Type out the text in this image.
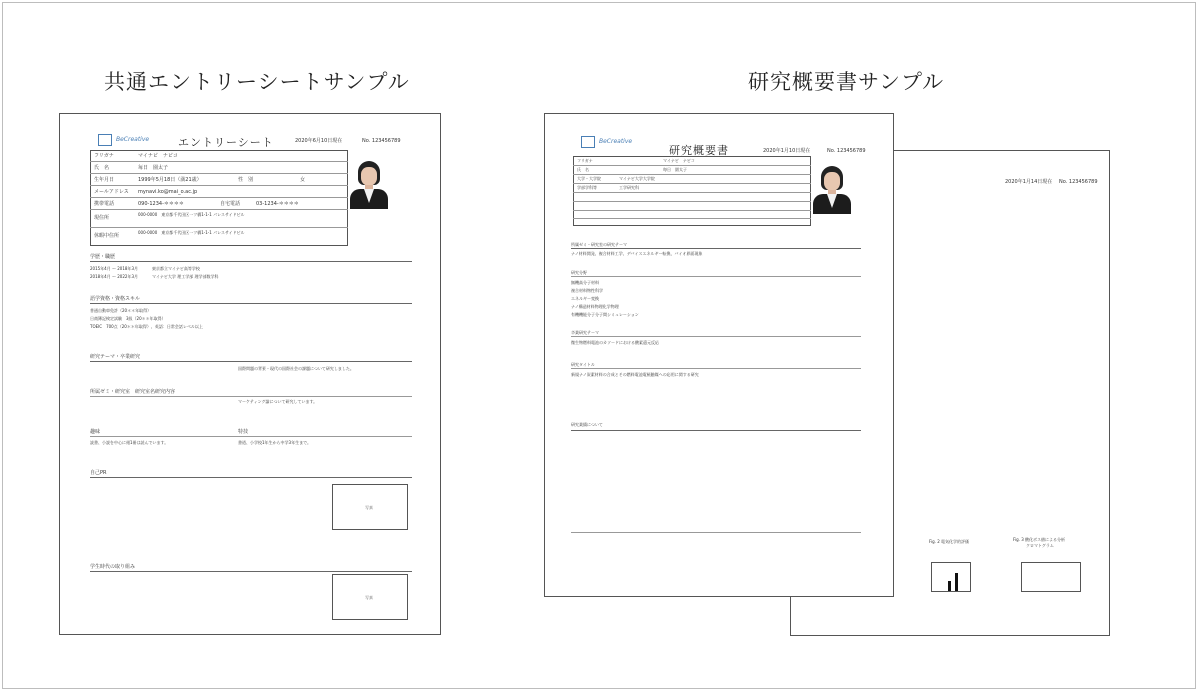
共通エントリーシートサンプル	研究概要書サンプル
BeCreative	エントリーシート	2020年6月10日現在	No. 123456789
フリガナ	マイナビ　ナビコ
氏　名	毎日　園太子
生年月日	1999年5月18日（満21歳）	性　別	女
メールアドレス mynavi.ko@mai_o.ac.jp
携帯電話	090-1234-＊＊＊＊	自宅電話	03-1234-＊＊＊＊
現住所
000-0000　東京都千代田区一ツ橋1-1-1 パレスサイドビル
休暇中住所
000-0000　東京都千代田区一ツ橋1-1-1 パレスサイドビル
学歴・職歴
2015年4月 ～ 2018年3月	東京都立マイナビ高等学校
2018年4月 ～ 2022年3月	マイナビ大学 理工学部 理学部数学科
語学資格・資格スキル
普通自動車免許（20＊＊年取得）
日商簿記検定試験　3級（20＊＊年取得）
TOEIC　700点（20＊＊年取得）、英語：日常会話レベル以上
研究テーマ・卒業研究
国際問題の背景・現代の国際社会の課題について研究しました。
所属ゼミ・研究室　研究室名研究内容
マーケティング論について研究しています。
趣味	特技
読書、小説を中心に週1冊は読んでいます。	書道、小学校1年生から中学3年生まで。
自己PR
写真
学生時代の取り組み
写真
2020年1月14日現在 No. 123456789
Fig. 2 電気化学的評価	Fig. 3 酸化ボス値による分析
クロマトグラム
BeCreative
研究概要書	2020年1月10日現在	No. 123456789
フリガナ	マイナビ　ナビコ
氏　名	毎日　園太子
大学・大学院	マイナビ大学大学院
学部学科等	工学研究科
所属ゼミ・研究室の研究テーマ
ナノ材料開発、複合材料工学、デバイスエネルギー転換、バイオ界面現象
研究分野
無機高分子材料
複合材料物性科学
エネルギー変換
ナノ構造材料物理化学物理
有機機能分子分子間シミュレーション
卒業研究テーマ
微生物燃料電池のカソードにおける酸素還元反応
研究タイトル
新規ナノ炭素材料の合成とその燃料電池電極触媒への応用に関する研究
研究業績について
